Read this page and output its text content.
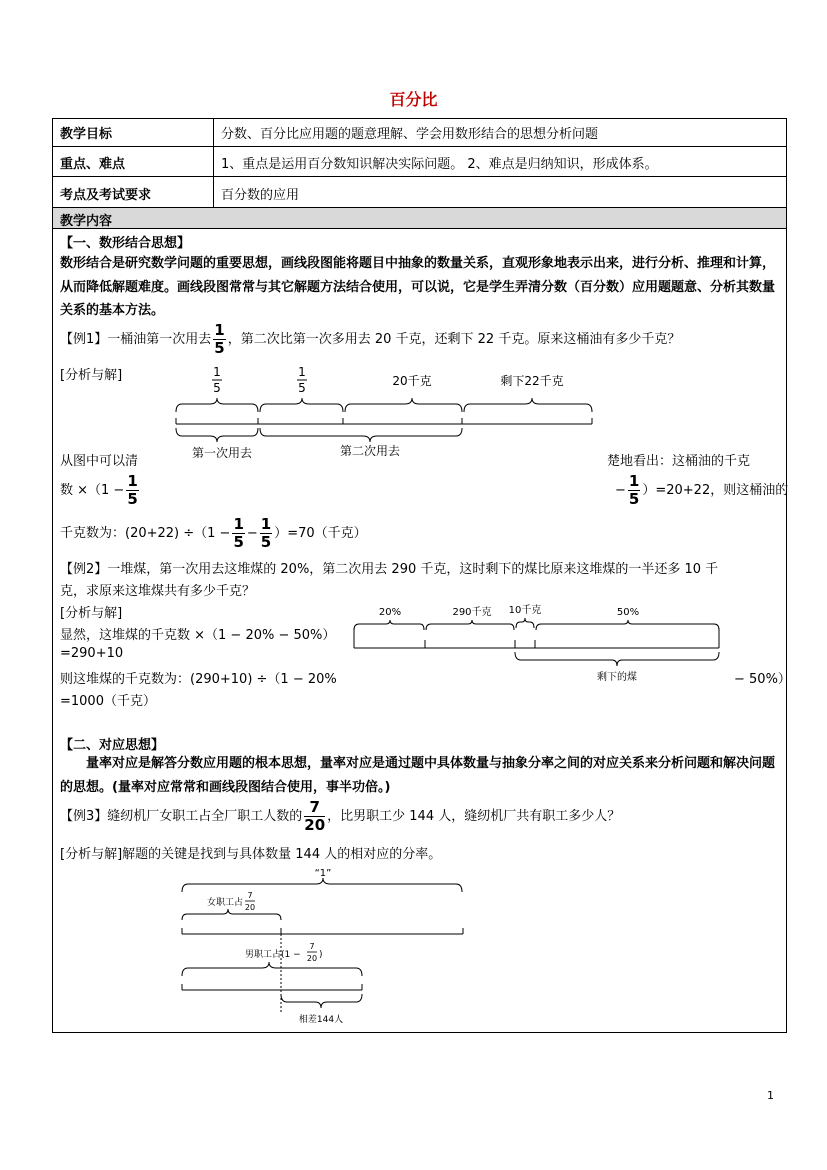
百分比
教学目标	分数、百分比应用题的题意理解、学会用数形结合的思想分析问题
重点、难点	1、重点是运用百分数知识解决实际问题。 2、难点是归纳知识，形成体系。
考点及考试要求	百分数的应用
教学内容
【一、数形结合思想】
数形结合是研究数学问题的重要思想，画线段图能将题目中抽象的数量关系，直观形象地表示出来，进行分析、推理和计算，从而降低解题难度。画线段图常常与其它解题方法结合使用，可以说，它是学生弄清分数（百分数）应用题题意、分析其数量关系的基本方法。
【例1】一桶油第一次用去 $\frac{1}{5}$ ，第二次比第一次多用去 20 千克，还剩下 22 千克。原来这桶油有多少千克？
[分析与解]	1
5
1
5	20千克	剩下22千克
第一次用去	第二次用去
从图中可以清	楚地看出：这桶油的千克
数 $\times(1 - \frac{1}{5}$	− $\frac{1}{5} )=20+22$，则这桶油的
千克数为：$(20+22) \div(1 - \frac{1}{5} - \frac{1}{5} )=70$（千克）
【例2】一堆煤，第一次用去这堆煤的 20%，第二次用去 290 千克，这时剩下的煤比原来这堆煤的一半还多 10 千
克，求原来这堆煤共有多少千克？
[分析与解]
显然，这堆煤的千克数 ×（1 − 20% − 50%）
=290+10
则这堆煤的千克数为：(290+10) ÷（1 − 20%	− 50%）
=1000（千克）
20%	290千克 10千克	50%
剩下的煤
【二、对应思想】
量率对应是解答分数应用题的根本思想，量率对应是通过题中具体数量与抽象分率之间的对应关系来分析问题和解决问题的思想。(量率对应常常和画线段图结合使用，事半功倍。)
【例3】缝纫机厂女职工占全厂职工人数的 $\frac{7}{20}$ ，比男职工少 144 人，缝纫机厂共有职工多少人？
[分析与解]解题的关键是找到与具体数量 144 人的相对应的分率。
“1”
女职工占
7
20
男职工占(1 −
7
20 )
相差144人
1
